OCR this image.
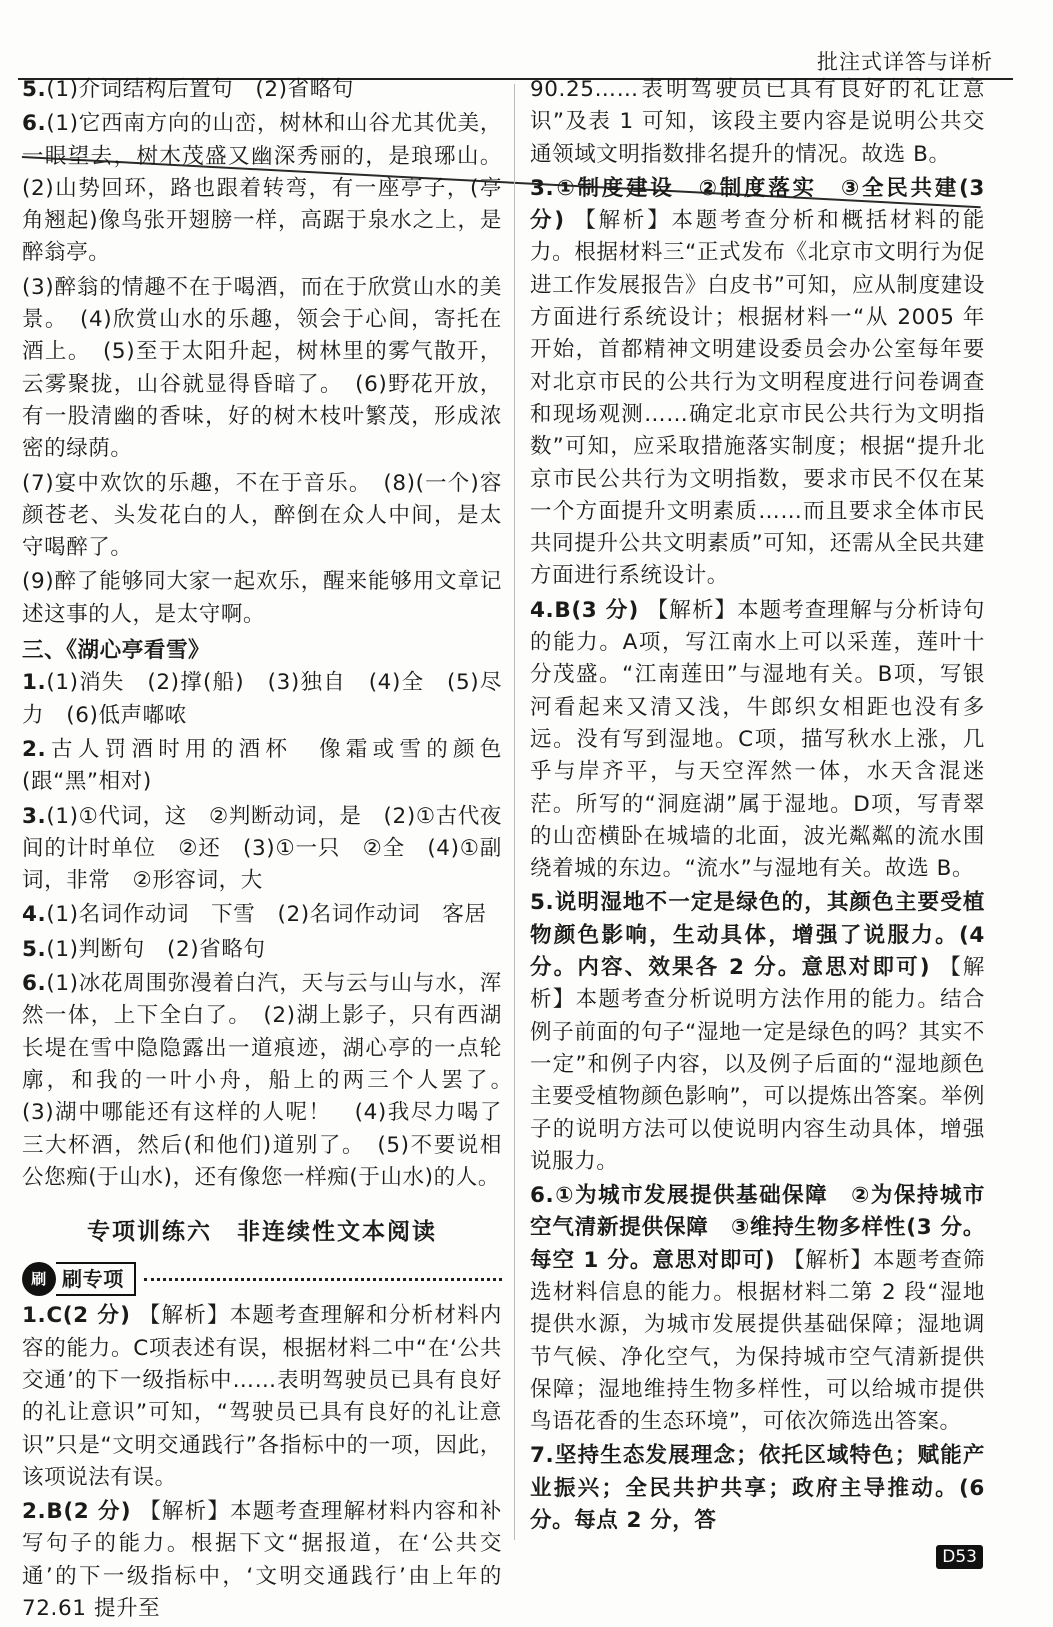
批注式详答与详析
5.(1)介词结构后置句　(2)省略句
6.(1)它西南方向的山峦，树林和山谷尤其优美，一眼望去，树木茂盛又幽深秀丽的，是琅琊山。(2)山势回环，路也跟着转弯，有一座亭子，(亭角翘起)像鸟张开翅膀一样，高踞于泉水之上，是醉翁亭。
(3)醉翁的情趣不在于喝酒，而在于欣赏山水的美景。　(4)欣赏山水的乐趣，领会于心间，寄托在酒上。　(5)至于太阳升起，树林里的雾气散开，云雾聚拢，山谷就显得昏暗了。　(6)野花开放，有一股清幽的香味，好的树木枝叶繁茂，形成浓密的绿荫。
(7)宴中欢饮的乐趣，不在于音乐。　(8)(一个)容颜苍老、头发花白的人，醉倒在众人中间，是太守喝醉了。
(9)醉了能够同大家一起欢乐，醒来能够用文章记述这事的人，是太守啊。
三、《湖心亭看雪》
1.(1)消失　(2)撑(船)　(3)独自　(4)全　(5)尽力　(6)低声嘟哝
2.古人罚酒时用的酒杯　像霜或雪的颜色(跟“黑”相对)
3.(1)①代词，这　②判断动词，是　(2)①古代夜间的计时单位　②还　(3)①一只　②全　(4)①副词，非常　②形容词，大
4.(1)名词作动词　下雪　(2)名词作动词　客居
5.(1)判断句　(2)省略句
6.(1)冰花周围弥漫着白汽，天与云与山与水，浑然一体，上下全白了。　(2)湖上影子，只有西湖长堤在雪中隐隐露出一道痕迹，湖心亭的一点轮廓，和我的一叶小舟，船上的两三个人罢了。　(3)湖中哪能还有这样的人呢！　(4)我尽力喝了三大杯酒，然后(和他们)道别了。　(5)不要说相公您痴(于山水)，还有像您一样痴(于山水)的人。
专项训练六　非连续性文本阅读
刷 刷专项
1.C(2 分) 【解析】本题考查理解和分析材料内容的能力。C项表述有误，根据材料二中“在‘公共交通’的下一级指标中……表明驾驶员已具有良好的礼让意识”可知，“驾驶员已具有良好的礼让意识”只是“文明交通践行”各指标中的一项，因此，该项说法有误。
2.B(2 分) 【解析】本题考查理解材料内容和补写句子的能力。根据下文“据报道，在‘公共交通’的下一级指标中，‘文明交通践行’由上年的 72.61 提升至
90.25……表明驾驶员已具有良好的礼让意识”及表 1 可知，该段主要内容是说明公共交通领域文明指数排名提升的情况。故选 B。
3.①制度建设　②制度落实　③全民共建(3 分) 【解析】本题考查分析和概括材料的能力。根据材料三“正式发布《北京市文明行为促进工作发展报告》白皮书”可知，应从制度建设方面进行系统设计；根据材料一“从 2005 年开始，首都精神文明建设委员会办公室每年要对北京市民的公共行为文明程度进行问卷调查和现场观测……确定北京市民公共行为文明指数”可知，应采取措施落实制度；根据“提升北京市民公共行为文明指数，要求市民不仅在某一个方面提升文明素质……而且要求全体市民共同提升公共文明素质”可知，还需从全民共建方面进行系统设计。
4.B(3 分) 【解析】本题考查理解与分析诗句的能力。A项，写江南水上可以采莲，莲叶十分茂盛。“江南莲田”与湿地有关。B项，写银河看起来又清又浅，牛郎织女相距也没有多远。没有写到湿地。C项，描写秋水上涨，几乎与岸齐平，与天空浑然一体，水天含混迷茫。所写的“洞庭湖”属于湿地。D项，写青翠的山峦横卧在城墙的北面，波光粼粼的流水围绕着城的东边。“流水”与湿地有关。故选 B。
5.说明湿地不一定是绿色的，其颜色主要受植物颜色影响，生动具体，增强了说服力。(4 分。内容、效果各 2 分。意思对即可) 【解析】本题考查分析说明方法作用的能力。结合例子前面的句子“湿地一定是绿色的吗？其实不一定”和例子内容，以及例子后面的“湿地颜色主要受植物颜色影响”，可以提炼出答案。举例子的说明方法可以使说明内容生动具体，增强说服力。
6.①为城市发展提供基础保障　②为保持城市空气清新提供保障　③维持生物多样性(3 分。每空 1 分。意思对即可) 【解析】本题考查筛选材料信息的能力。根据材料二第 2 段“湿地提供水源，为城市发展提供基础保障；湿地调节气候、净化空气，为保持城市空气清新提供保障；湿地维持生物多样性，可以给城市提供鸟语花香的生态环境”，可依次筛选出答案。
7.坚持生态发展理念；依托区域特色；赋能产业振兴；全民共护共享；政府主导推动。(6 分。每点 2 分，答
D53
